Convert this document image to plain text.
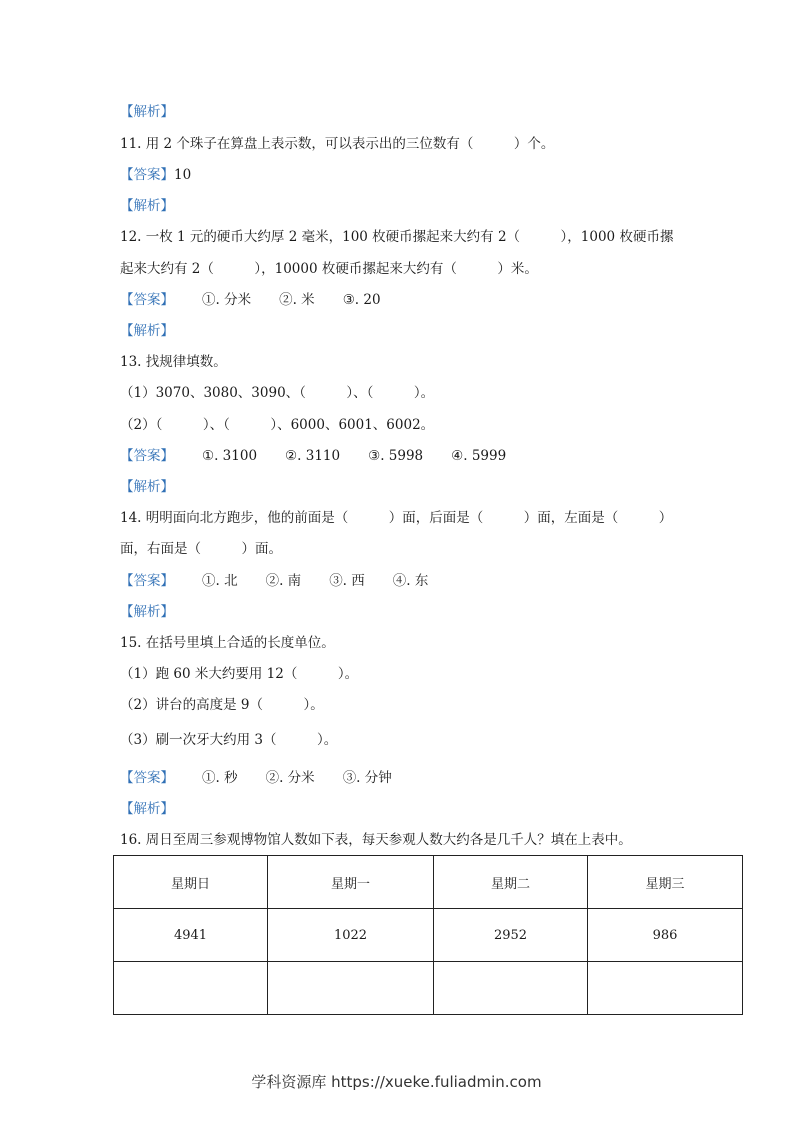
【解析】
11. 用 2 个珠子在算盘上表示数，可以表示出的三位数有（　　　）个。
【答案】10
【解析】
12. 一枚 1 元的硬币大约厚 2 毫米，100 枚硬币摞起来大约有 2（　　　），1000 枚硬币摞
起来大约有 2（　　　），10000 枚硬币摞起来大约有（　　　）米。
【答案】 ①. 分米 ②. 米 ③. 20
【解析】
13. 找规律填数。
（1）3070、3080、3090、（　　　）、（　　　）。
（2）（　　　）、（　　　）、6000、6001、6002。
【答案】 ①. 3100 ②. 3110 ③. 5998 ④. 5999
【解析】
14. 明明面向北方跑步，他的前面是（　　　）面，后面是（　　　）面，左面是（　　　）
面，右面是（　　　）面。
【答案】 ①. 北 ②. 南 ③. 西 ④. 东
【解析】
15. 在括号里填上合适的长度单位。
（1）跑 60 米大约要用 12（　　　）。
（2）讲台的高度是 9（　　　）。
（3）刷一次牙大约用 3（　　　）。
【答案】 ①. 秒 ②. 分米 ③. 分钟
【解析】
16. 周日至周三参观博物馆人数如下表，每天参观人数大约各是几千人？填在上表中。
星期日	星期一	星期二	星期三
4941	1022	2952	986

学科资源库 https://xueke.fuliadmin.com
